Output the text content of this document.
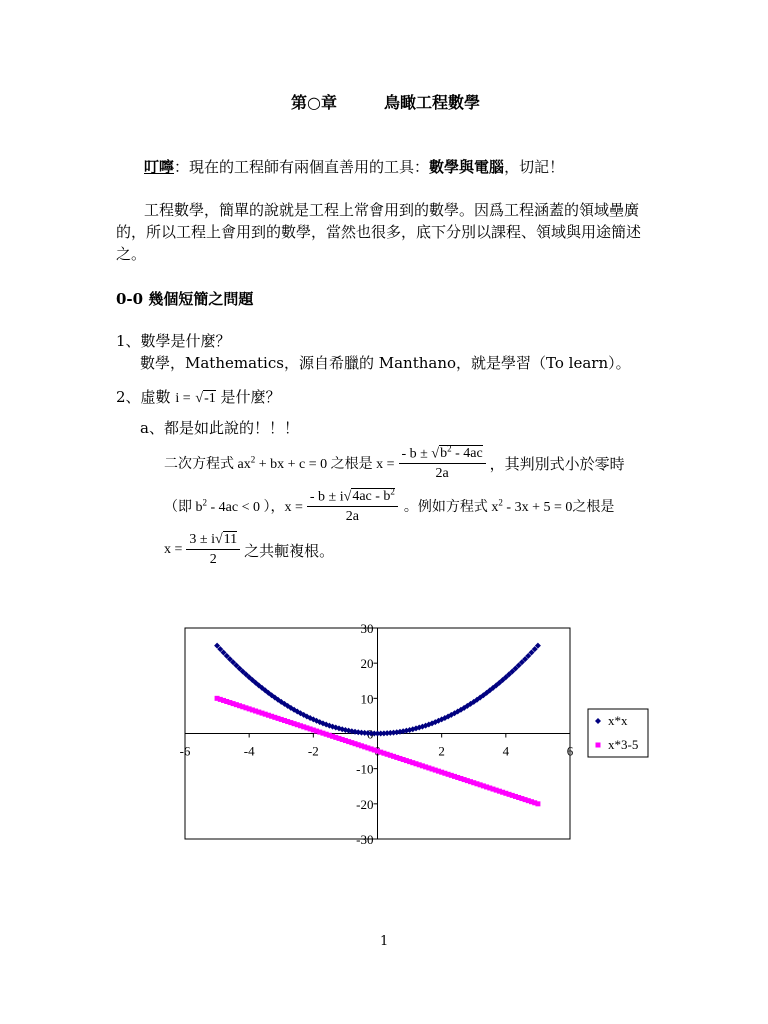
第○章	鳥瞰工程數學
叮嚀：現在的工程師有兩個直善用的工具：數學與電腦，切記！
工程數學，簡單的說就是工程上常會用到的數學。因爲工程涵蓋的領域壘廣
的，所以工程上會用到的數學，當然也很多，底下分別以課程、領域與用途簡述
之。
0-0 幾個短簡之問題
1、數學是什麼？
數學，Mathematics，源自希臘的 Manthano，就是學習（To learn）。
2、虛數 i = √-1 是什麼？
a、都是如此說的！！！
二次方程式 $ax^2$ + bx + c = 0 之根是 $x = \frac{- b \pm √b^2 - 4ac}{2a}$ ，其判別式小於零時
（即 $b^2 - 4ac < 0$ ），$x = \frac{- b \pm i√4ac - b^2}{2a}$ 。例如方程式 $x^2 - 3x + 5 = 0$之根是
$x = \frac{3 \pm i√11}{2}$ 之共軛複根。
-6	-4	-2	2	4	6
30
20
10
-10
-20
-30
x*x
x*3-5
1
